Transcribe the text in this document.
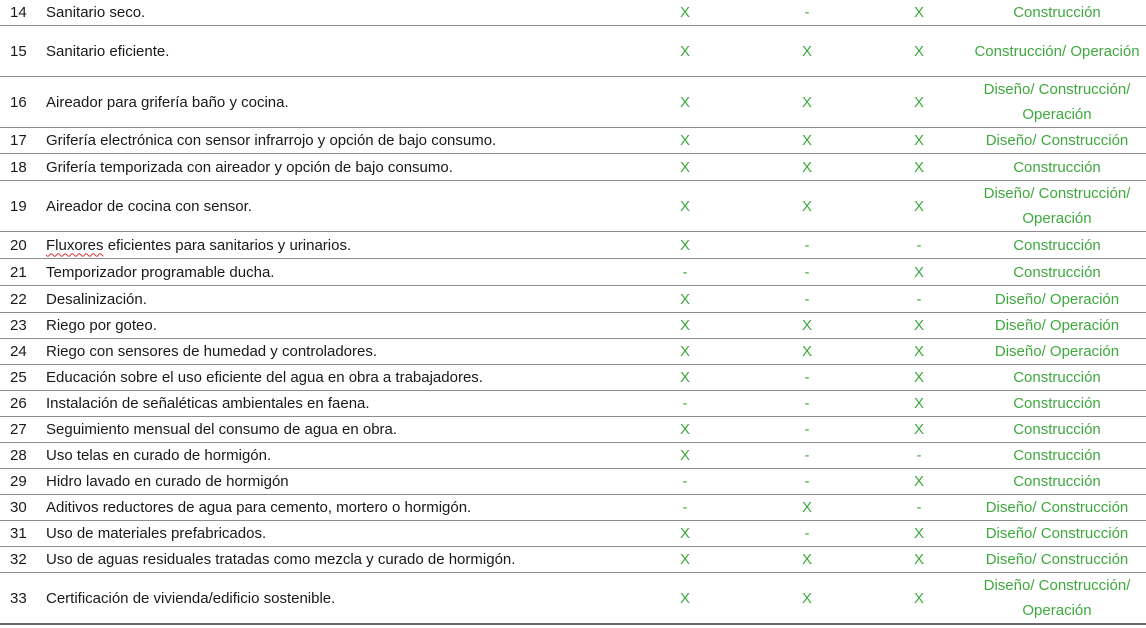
14	Sanitario seco.	X	-	X	Construcción
15	Sanitario eficiente.	X	X	X	Construcción/ Operación
16	Aireador para grifería baño y cocina.	X	X	X	Diseño/ Construcción/ Operación
17	Grifería electrónica con sensor infrarrojo y opción de bajo consumo.	X	X	X	Diseño/ Construcción
18	Grifería temporizada con aireador y opción de bajo consumo.	X	X	X	Construcción
19	Aireador de cocina con sensor.	X	X	X	Diseño/ Construcción/ Operación
20	Fluxores eficientes para sanitarios y urinarios.	X	-	-	Construcción
21	Temporizador programable ducha.	-	-	X	Construcción
22	Desalinización.	X	-	-	Diseño/ Operación
23	Riego por goteo.	X	X	X	Diseño/ Operación
24	Riego con sensores de humedad y controladores.	X	X	X	Diseño/ Operación
25	Educación sobre el uso eficiente del agua en obra a trabajadores.	X	-	X	Construcción
26	Instalación de señaléticas ambientales en faena.	-	-	X	Construcción
27	Seguimiento mensual del consumo de agua en obra.	X	-	X	Construcción
28	Uso telas en curado de hormigón.	X	-	-	Construcción
29	Hidro lavado en curado de hormigón	-	-	X	Construcción
30	Aditivos reductores de agua para cemento, mortero o hormigón.	-	X	-	Diseño/ Construcción
31	Uso de materiales prefabricados.	X	-	X	Diseño/ Construcción
32	Uso de aguas residuales tratadas como mezcla y curado de hormigón.	X	X	X	Diseño/ Construcción
33	Certificación de vivienda/edificio sostenible.	X	X	X	Diseño/ Construcción/ Operación
